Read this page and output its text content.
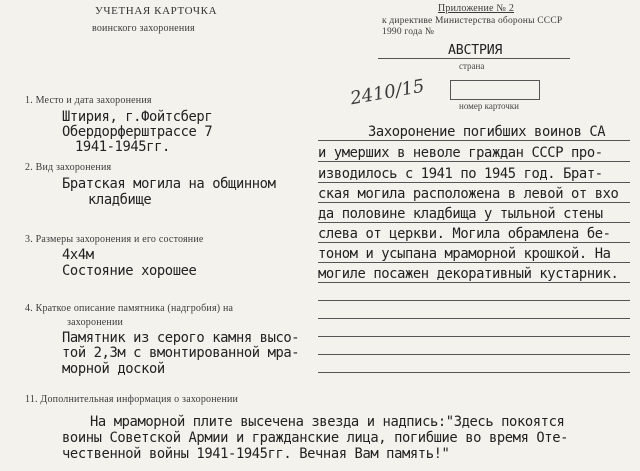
УЧЕТНАЯ КАРТОЧКА
воинского захоронения
Приложение № 2
к директиве Министерства обороны СССР
1990 года №
АВСТРИЯ
страна
2410/15	номер карточки
1. Место и дата захоронения
Штирия, г.Фойтсберг
Обердорферштрассе 7
1941-1945гг.
2. Вид захоронения
Братская могила на общинном
кладбище
3. Размеры захоронения и его состояние
4х4м
Состояние хорошее
4. Краткое описание памятника (надгробия) на
захоронении
Памятник из серого камня высо-
той 2,3м с вмонтированной мра-
морной доской
Захоронение погибших воинов СА
и умерших в неволе граждан СССР про-
изводилось с 1941 по 1945 год. Брат-
ская могила расположена в левой от вхо
да половине кладбища у тыльной стены
слева от церкви. Могила обрамлена бе-
тоном и усыпана мраморной крошкой. На
могиле посажен декоративный кустарник.
11. Дополнительная информация о захоронении
На мраморной плите высечена звезда и надпись:"Здесь покоятся
воины Советской Армии и гражданские лица, погибшие во время Оте-
чественной войны 1941-1945гг. Вечная Вам память!"
